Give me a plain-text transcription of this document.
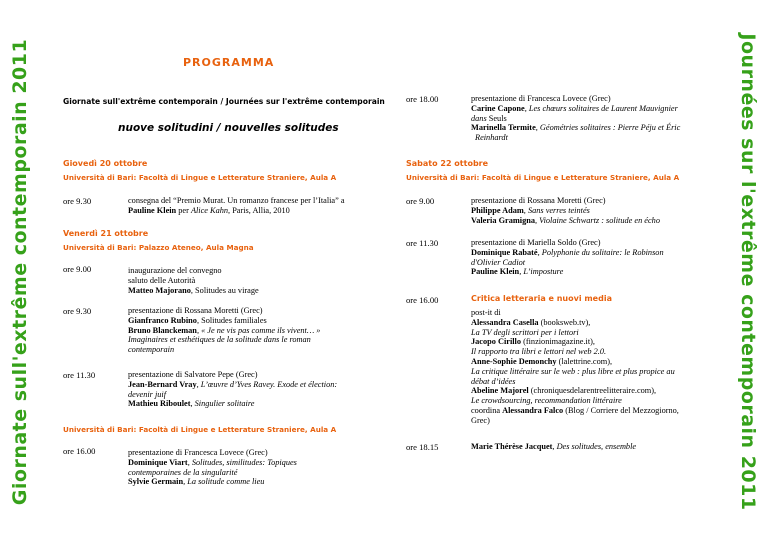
Giornate sull'extrême contemporain 2011	Journées sur l'extrême contemporain 2011
PROGRAMMA
Giornate sull'extrême contemporain / Journées sur l'extrême contemporain
nuove solitudini / nouvelles solitudes
Giovedì 20 ottobre
Università di Bari: Facoltà di Lingue e Letterature Straniere, Aula A
ore 9.30	consegna del “Premio Murat. Un romanzo francese per l’Italia” a
Pauline Klein per Alice Kahn, Paris, Allia, 2010
Venerdì 21 ottobre
Università di Bari: Palazzo Ateneo, Aula Magna
ore 9.00	inaugurazione del convegno
saluto delle Autorità
Matteo Majorano, Solitudes au virage
ore 9.30	presentazione di Rossana Moretti (Grec)
Gianfranco Rubino, Solitudes familiales
Bruno Blanckeman, « Je ne vis pas comme ils vivent… »
Imaginaires et esthétiques de la solitude dans le roman
contemporain
ore 11.30	presentazione di Salvatore Pepe (Grec)
Jean-Bernard Vray, L’œuvre d’Yves Ravey. Exode et élection:
devenir juif
Mathieu Riboulet, Singulier solitaire
Università di Bari: Facoltà di Lingue e Letterature Straniere, Aula A
ore 16.00	presentazione di Francesca Lovece (Grec)
Dominique Viart, Solitudes, similitudes: Topiques
contemporaines de la singularité
Sylvie Germain, La solitude comme lieu
ore 18.00	presentazione di Francesca Lovece (Grec)
Carine Capone, Les chœurs solitaires de Laurent Mauvignier
dans Seuls
Marinella Termite, Géométries solitaires : Pierre Péju et Éric
Reinhardt
Sabato 22 ottobre
Università di Bari: Facoltà di Lingue e Letterature Straniere, Aula A
ore 9.00	presentazione di Rossana Moretti (Grec)
Philippe Adam, Sans verres teintés
Valeria Gramigna, Violaine Schwartz : solitude en écho
ore 11.30	presentazione di Mariella Soldo (Grec)
Dominique Rabaté, Polyphonie du solitaire: le Robinson
d'Olivier Cadiot
Pauline Klein, L’imposture
ore 16.00	Critica letteraria e nuovi media
post-it di
Alessandra Casella (booksweb.tv),
La TV degli scrittori per i lettori
Jacopo Cirillo (finzionimagazine.it),
Il rapporto tra libri e lettori nel web 2.0.
Anne-Sophie Demonchy (lalettrine.com),
La critique littéraire sur le web : plus libre et plus propice au
débat d’idées
Abeline Majorel (chroniquesdelarentreelitteraire.com),
Le crowdsourcing, recommandation littéraire
coordina Alessandra Falco (Blog / Corriere del Mezzogiorno,
Grec)
ore 18.15	Marie Thérèse Jacquet, Des solitudes, ensemble
